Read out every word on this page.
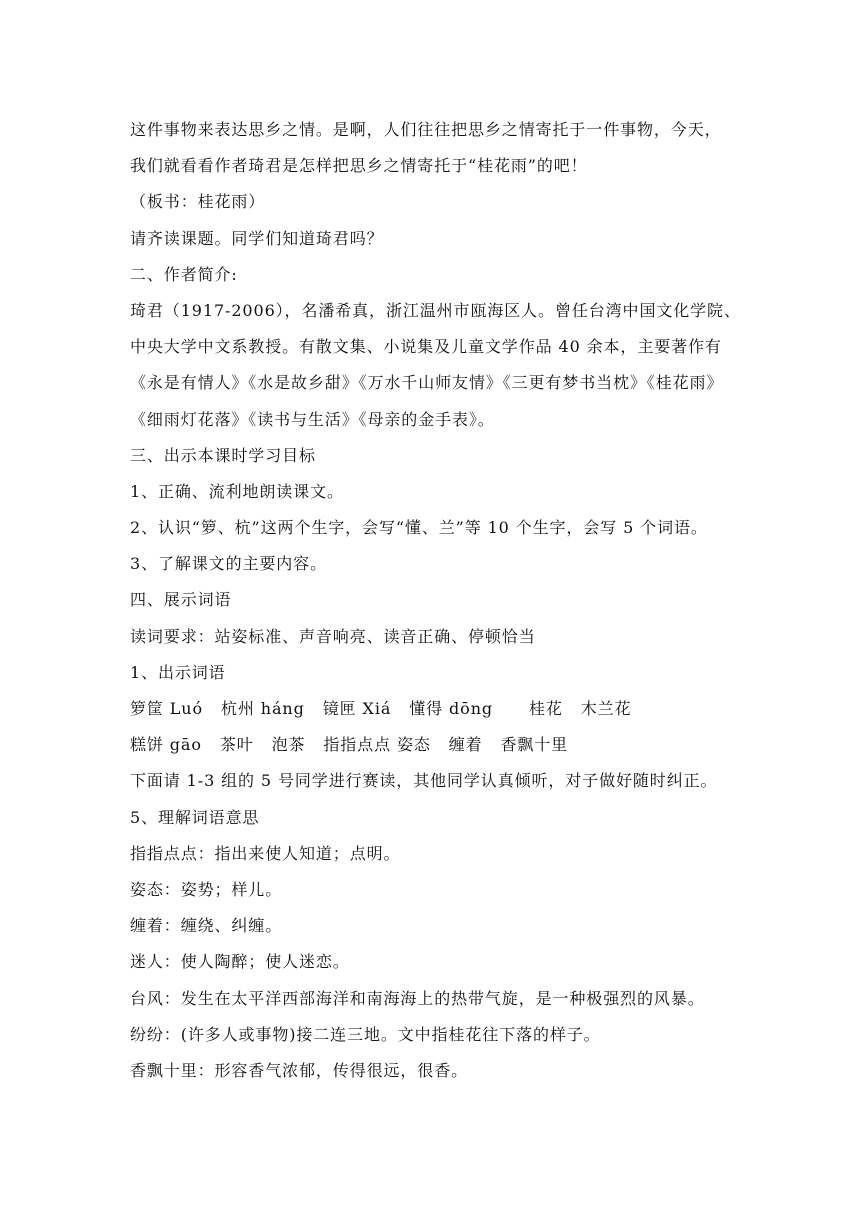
这件事物来表达思乡之情。是啊，人们往往把思乡之情寄托于一件事物，今天，
我们就看看作者琦君是怎样把思乡之情寄托于“桂花雨”的吧！
（板书：桂花雨）
请齐读课题。同学们知道琦君吗？
二、作者简介:
琦君（1917-2006），名潘希真，浙江温州市瓯海区人。曾任台湾中国文化学院、
中央大学中文系教授。有散文集、小说集及儿童文学作品 40 余本，主要著作有
《永是有情人》《水是故乡甜》《万水千山师友情》《三更有梦书当枕》《桂花雨》
《细雨灯花落》《读书与生活》《母亲的金手表》。
三、出示本课时学习目标
1、正确、流利地朗读课文。
2、认识“箩、杭”这两个生字，会写“懂、兰”等 10 个生字，会写 5 个词语。
3、了解课文的主要内容。
四、展示词语
读词要求：站姿标准、声音响亮、读音正确、停顿恰当
1、出示词语
箩筐 Luó   杭州 háng   镜匣 Xiá   懂得 dōng      桂花   木兰花
糕饼 gāo   茶叶   泡茶   指指点点 姿态   缠着   香飘十里
下面请 1-3 组的 5 号同学进行赛读，其他同学认真倾听，对子做好随时纠正。
5、理解词语意思
指指点点：指出来使人知道；点明。
姿态：姿势；样儿。
缠着：缠绕、纠缠。
迷人：使人陶醉；使人迷恋。
台风：发生在太平洋西部海洋和南海海上的热带气旋，是一种极强烈的风暴。
纷纷：(许多人或事物)接二连三地。文中指桂花往下落的样子。
香飘十里：形容香气浓郁，传得很远，很香。
